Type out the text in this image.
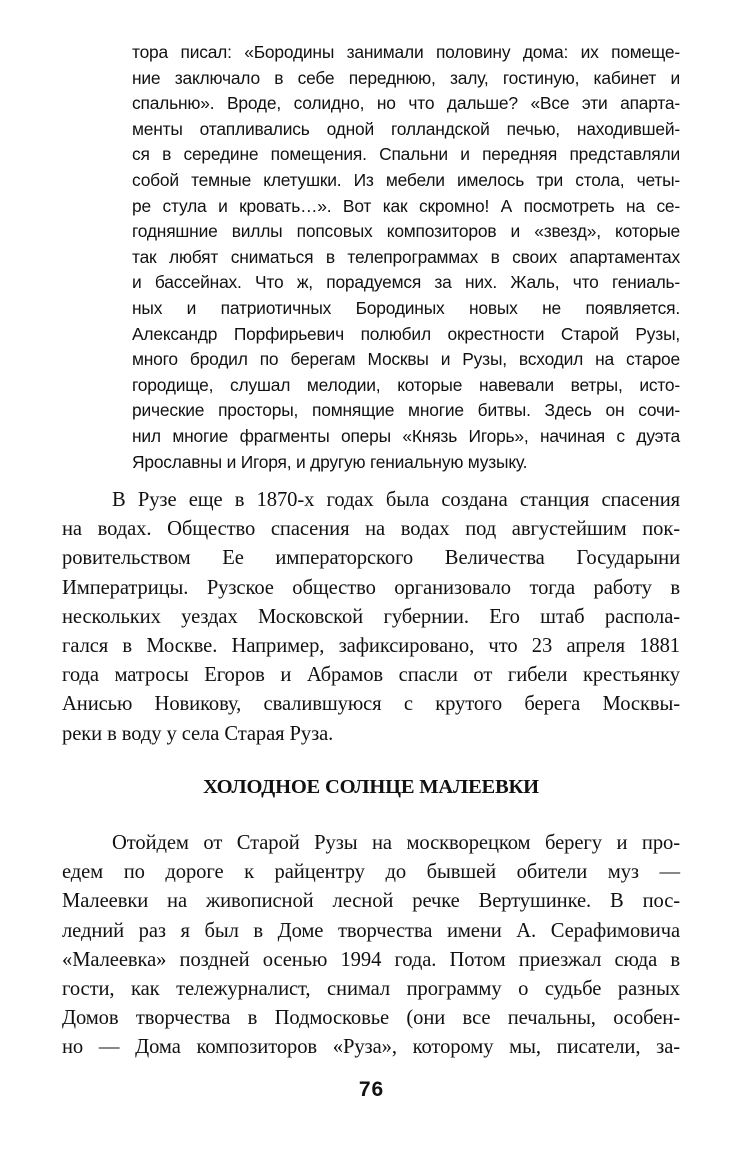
тора писал: «Бородины занимали половину дома: их помеще-
ние заключало в себе переднюю, залу, гостиную, кабинет и
спальню». Вроде, солидно, но что дальше? «Все эти апарта-
менты отапливались одной голландской печью, находившей-
ся в середине помещения. Спальни и передняя представляли
собой темные клетушки. Из мебели имелось три стола, четы-
ре стула и кровать…». Вот как скромно! А посмотреть на се-
годняшние виллы попсовых композиторов и «звезд», которые
так любят сниматься в телепрограммах в своих апартаментах
и бассейнах. Что ж, порадуемся за них. Жаль, что гениаль-
ных и патриотичных Бородиных новых не появляется.
Александр Порфирьевич полюбил окрестности Старой Рузы,
много бродил по берегам Москвы и Рузы, всходил на старое
городище, слушал мелодии, которые навевали ветры, исто-
рические просторы, помнящие многие битвы. Здесь он сочи-
нил многие фрагменты оперы «Князь Игорь», начиная с дуэта
Ярославны и Игоря, и другую гениальную музыку.
В Рузе еще в 1870-х годах была создана станция спасения
на водах. Общество спасения на водах под августейшим пок-
ровительством Ее императорского Величества Государыни
Императрицы. Рузское общество организовало тогда работу в
нескольких уездах Московской губернии. Его штаб распола-
гался в Москве. Например, зафиксировано, что 23 апреля 1881
года матросы Егоров и Абрамов спасли от гибели крестьянку
Анисью Новикову, свалившуюся с крутого берега Москвы-
реки в воду у села Старая Руза.
ХОЛОДНОЕ СОЛНЦЕ МАЛЕЕВКИ
Отойдем от Старой Рузы на москворецком берегу и про-
едем по дороге к райцентру до бывшей обители муз —
Малеевки на живописной лесной речке Вертушинке. В пос-
ледний раз я был в Доме творчества имени А. Серафимовича
«Малеевка» поздней осенью 1994 года. Потом приезжал сюда в
гости, как тележурналист, снимал программу о судьбе разных
Домов творчества в Подмосковье (они все печальны, особен-
но — Дома композиторов «Руза», которому мы, писатели, за-
76
